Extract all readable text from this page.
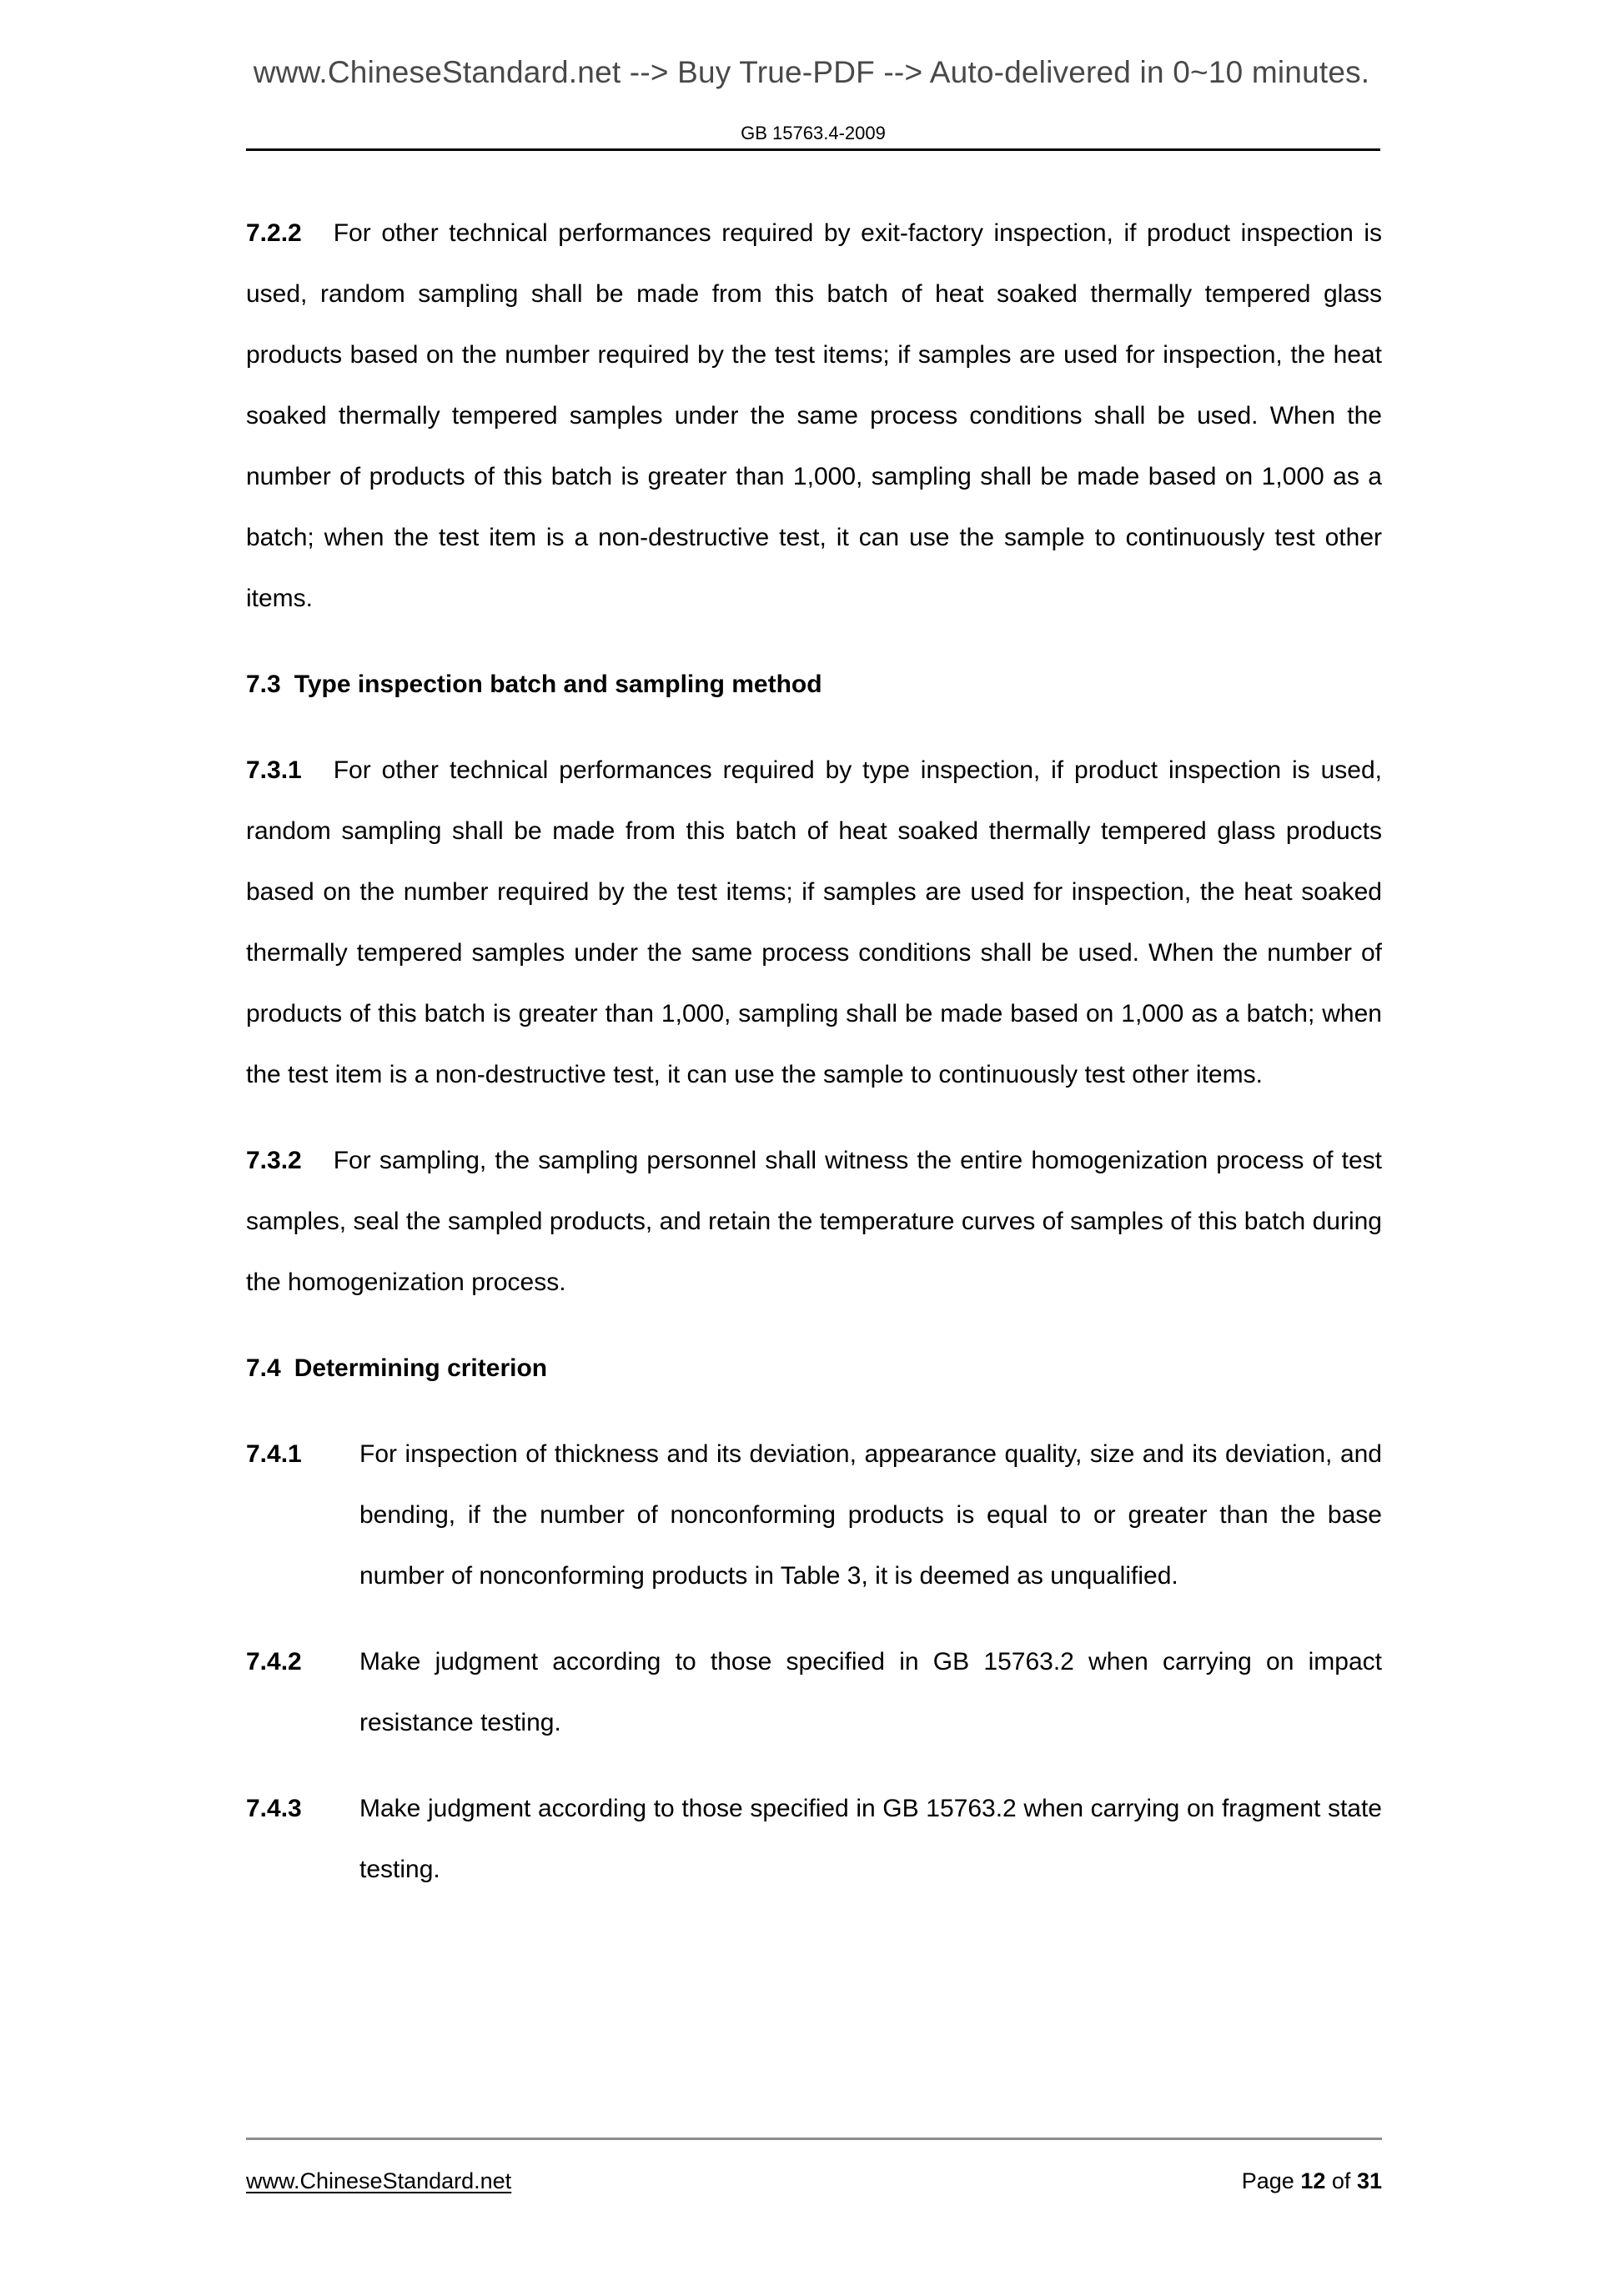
www.ChineseStandard.net --> Buy True-PDF --> Auto-delivered in 0~10 minutes.
GB 15763.4-2009

7.2.2 For other technical performances required by exit-factory inspection, if product inspection is used, random sampling shall be made from this batch of heat soaked thermally tempered glass products based on the number required by the test items; if samples are used for inspection, the heat soaked thermally tempered samples under the same process conditions shall be used. When the number of products of this batch is greater than 1,000, sampling shall be made based on 1,000 as a batch; when the test item is a non-destructive test, it can use the sample to continuously test other items.

7.3 Type inspection batch and sampling method

7.3.1 For other technical performances required by type inspection, if product inspection is used, random sampling shall be made from this batch of heat soaked thermally tempered glass products based on the number required by the test items; if samples are used for inspection, the heat soaked thermally tempered samples under the same process conditions shall be used. When the number of products of this batch is greater than 1,000, sampling shall be made based on 1,000 as a batch; when the test item is a non-destructive test, it can use the sample to continuously test other items.

7.3.2 For sampling, the sampling personnel shall witness the entire homogenization process of test samples, seal the sampled products, and retain the temperature curves of samples of this batch during the homogenization process.

7.4 Determining criterion
7.4.1 For inspection of thickness and its deviation, appearance quality, size and its deviation, and bending, if the number of nonconforming products is equal to or greater than the base number of nonconforming products in Table 3, it is deemed as unqualified.
7.4.2 Make judgment according to those specified in GB 15763.2 when carrying on impact resistance testing.
7.4.3 Make judgment according to those specified in GB 15763.2 when carrying on fragment state testing.
www.ChineseStandard.net	Page 12 of 31
